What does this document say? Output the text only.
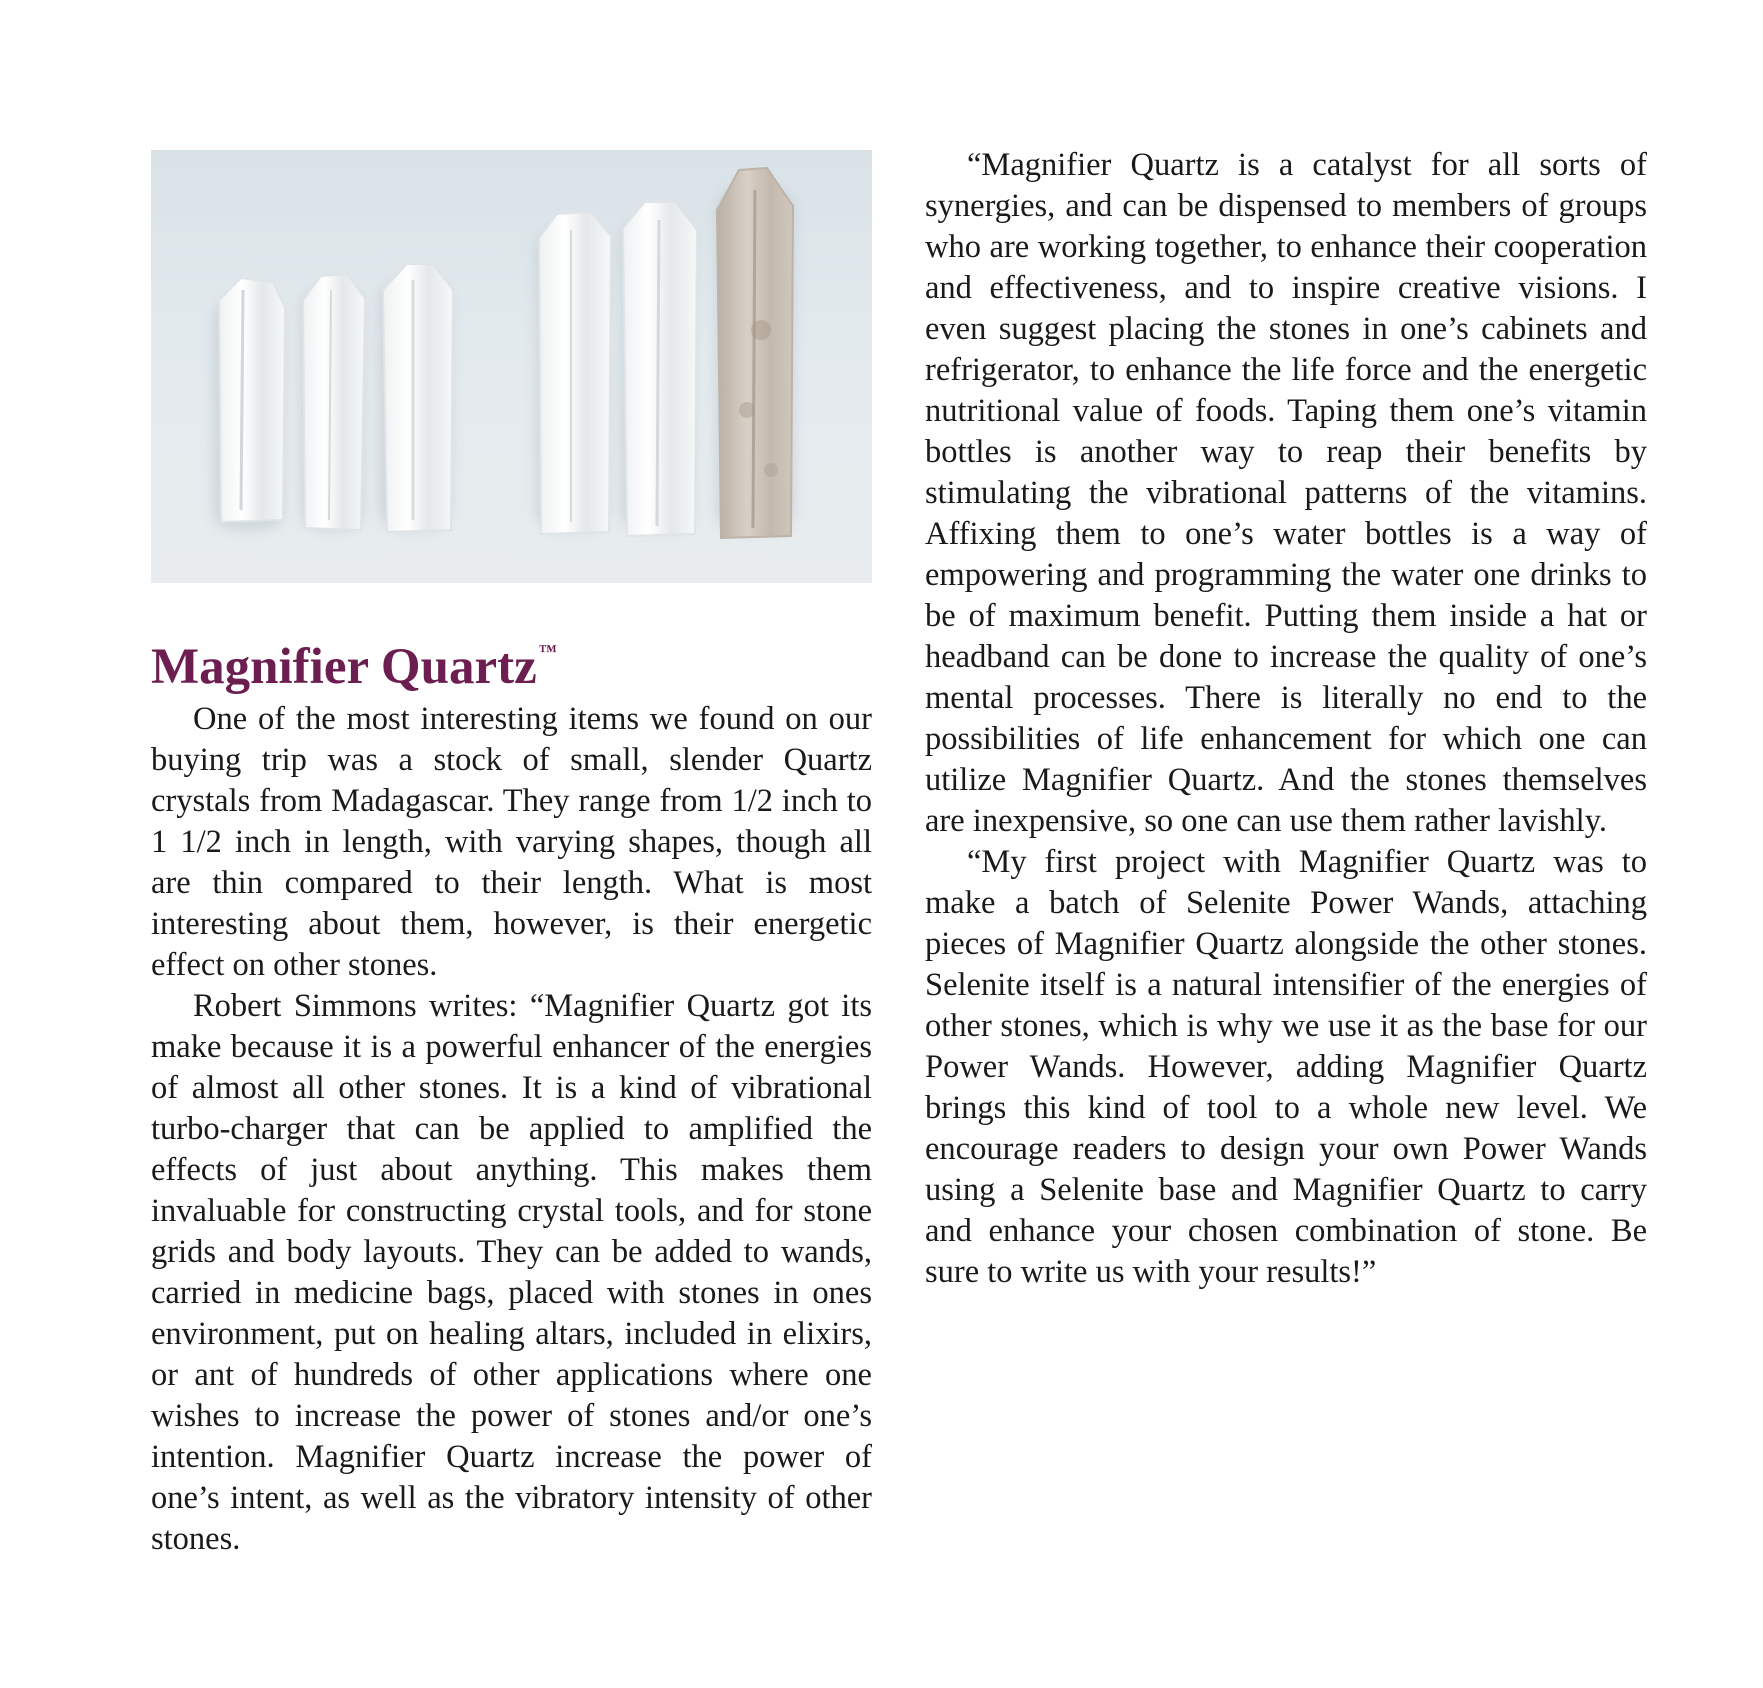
Magnifier Quartz ™

One of the most interesting items we found on our buying trip was a stock of small, slender Quartz crystals from Madagascar. They range from 1/2 inch to 1 1/2 inch in length, with varying shapes, though all are thin compared to their length. What is most interesting about them, however, is their energetic effect on other stones.

Robert Simmons writes: “Magnifier Quartz got its make because it is a powerful enhancer of the energies of almost all other stones. It is a kind of vibrational turbo-charger that can be applied to amplified the effects of just about anything. This makes them invaluable for constructing crystal tools, and for stone grids and body layouts. They can be added to wands, carried in medicine bags, placed with stones in ones environment, put on healing altars, included in elixirs, or ant of hundreds of other applications where one wishes to increase the power of stones and/or one’s intention. Magnifier Quartz increase the power of one’s intent, as well as the vibratory intensity of other stones.

“Magnifier Quartz is a catalyst for all sorts of synergies, and can be dispensed to members of groups who are working together, to enhance their cooperation and effectiveness, and to inspire creative visions. I even suggest placing the stones in one’s cabinets and refrigerator, to enhance the life force and the energetic nutritional value of foods. Taping them one’s vitamin bottles is another way to reap their benefits by stimulating the vibrational patterns of the vitamins. Affixing them to one’s water bottles is a way of empowering and programming the water one drinks to be of maximum benefit. Putting them inside a hat or headband can be done to increase the quality of one’s mental processes. There is literally no end to the possibilities of life enhancement for which one can utilize Magnifier Quartz. And the stones themselves are inexpensive, so one can use them rather lavishly.

“My first project with Magnifier Quartz was to make a batch of Selenite Power Wands, attaching pieces of Magnifier Quartz alongside the other stones. Selenite itself is a natural intensifier of the energies of other stones, which is why we use it as the base for our Power Wands. However, adding Magnifier Quartz brings this kind of tool to a whole new level. We encourage readers to design your own Power Wands using a Selenite base and Magnifier Quartz to carry and enhance your chosen combination of stone. Be sure to write us with your results!”
